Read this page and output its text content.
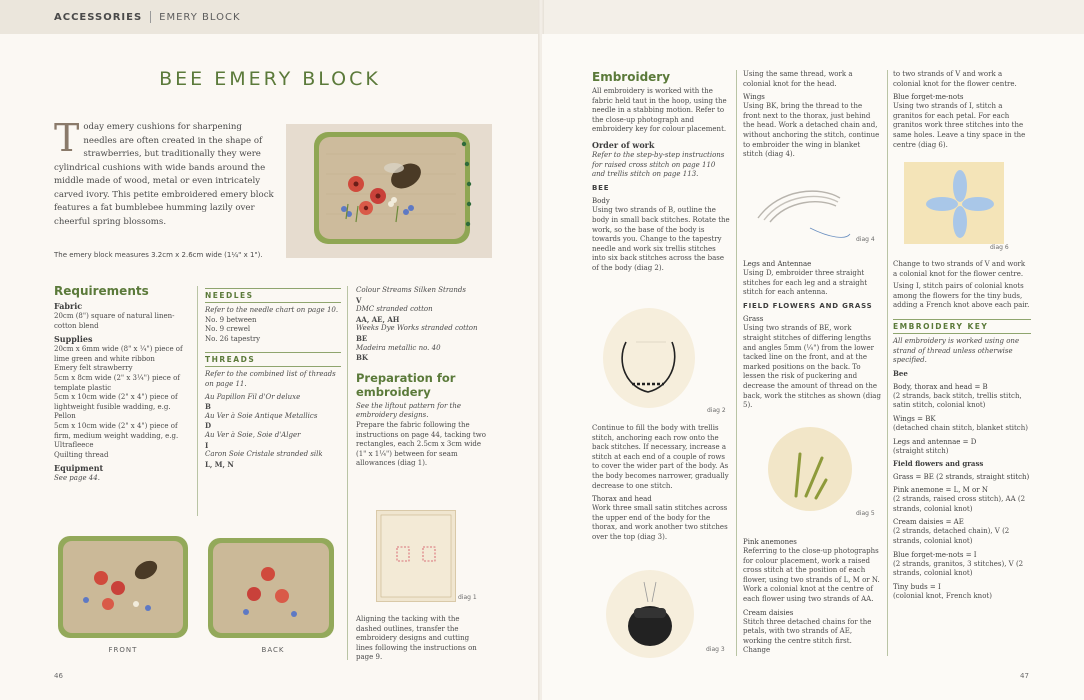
ACCESSORIES EMERY BLOCK
BEE EMERY BLOCK
Today emery cushions for sharpening needles are often created in the shape of strawberries, but traditionally they were cylindrical cushions with wide bands around the middle made of wood, metal or even intricately carved ivory. This petite embroidered emery block features a fat bumblebee humming lazily over cheerful spring blossoms.
The emery block measures 3.2cm x 2.6cm wide (1¼" x 1").
Requirements
Fabric
20cm (8") square of natural linen-cotton blend
Supplies
20cm x 6mm wide (8" x ¼") piece of lime green and white ribbon
Emery felt strawberry
5cm x 8cm wide (2" x 3¼") piece of template plastic
5cm x 10cm wide (2" x 4") piece of lightweight fusible wadding, e.g. Pellon
5cm x 10cm wide (2" x 4") piece of firm, medium weight wadding, e.g. Ultrafleece
Quilting thread
Equipment
See page 44.
NEEDLES
Refer to the needle chart on page 10.
No. 9 between
No. 9 crewel
No. 26 tapestry
THREADS
Refer to the combined list of threads on page 11.
Au Papillon Fil d'Or deluxe
B
Au Ver à Soie Antique Metallics
D
Au Ver à Soie, Soie d'Alger
I
Caron Soie Cristale stranded silk
L, M, N
Colour Streams Silken Strands
V
DMC stranded cotton
AA, AE, AH
Weeks Dye Works stranded cotton
BE
Madeira metallic no. 40
BK
Preparation for embroidery
See the liftout pattern for the embroidery designs.
Prepare the fabric following the instructions on page 44, tacking two rectangles, each 2.5cm x 3cm wide (1" x 1¼") between for seam allowances (diag 1).
diag 1
Aligning the tacking with the dashed outlines, transfer the embroidery designs and cutting lines following the instructions on page 9.
FRONT	BACK
46
Embroidery
All embroidery is worked with the fabric held taut in the hoop, using the needle in a stabbing motion. Refer to the close-up photograph and embroidery key for colour placement.
Order of work
Refer to the step-by-step instructions for raised cross stitch on page 110 and trellis stitch on page 113.
BEE
Body
Using two strands of B, outline the body in small back stitches. Rotate the work, so the base of the body is towards you. Change to the tapestry needle and work six trellis stitches into six back stitches across the base of the body (diag 2).
diag 2
Continue to fill the body with trellis stitch, anchoring each row onto the back stitches. If necessary, increase a stitch at each end of a couple of rows to cover the wider part of the body. As the body becomes narrower, gradually decrease to one stitch.
Thorax and head
Work three small satin stitches across the upper end of the body for the thorax, and work another two stitches over the top (diag 3).
diag 3
Using the same thread, work a colonial knot for the head.
Wings
Using BK, bring the thread to the front next to the thorax, just behind the head. Work a detached chain and, without anchoring the stitch, continue to embroider the wing in blanket stitch (diag 4).
diag 4
Legs and Antennae
Using D, embroider three straight stitches for each leg and a straight stitch for each antenna.
FIELD FLOWERS AND GRASS
Grass
Using two strands of BE, work straight stitches of differing lengths and angles 5mm (¼") from the lower tacked line on the front, and at the marked positions on the back. To lessen the risk of puckering and decrease the amount of thread on the back, work the stitches as shown (diag 5).
diag 5
Pink anemones
Referring to the close-up photographs for colour placement, work a raised cross stitch at the position of each flower, using two strands of L, M or N. Work a colonial knot at the centre of each flower using two strands of AA.
Cream daisies
Stitch three detached chains for the petals, with two strands of AE, working the centre stitch first. Change
to two strands of V and work a colonial knot for the flower centre.
Blue forget-me-nots
Using two strands of I, stitch a granitos for each petal. For each granitos work three stitches into the same holes. Leave a tiny space in the centre (diag 6).
diag 6
Change to two strands of V and work a colonial knot for the flower centre.
Using I, stitch pairs of colonial knots among the flowers for the tiny buds, adding a French knot above each pair.
EMBROIDERY KEY
All embroidery is worked using one strand of thread unless otherwise specified.
Bee
Body, thorax and head = B
(2 strands, back stitch, trellis stitch, satin stitch, colonial knot)
Wings = BK
(detached chain stitch, blanket stitch)
Legs and antennae = D
(straight stitch)
Field flowers and grass
Grass = BE (2 strands, straight stitch)
Pink anemone = L, M or N
(2 strands, raised cross stitch), AA (2 strands, colonial knot)
Cream daisies = AE
(2 strands, detached chain), V (2 strands, colonial knot)
Blue forget-me-nots = I
(2 strands, granitos, 3 stitches), V (2 strands, colonial knot)
Tiny buds = I
(colonial knot, French knot)
47
